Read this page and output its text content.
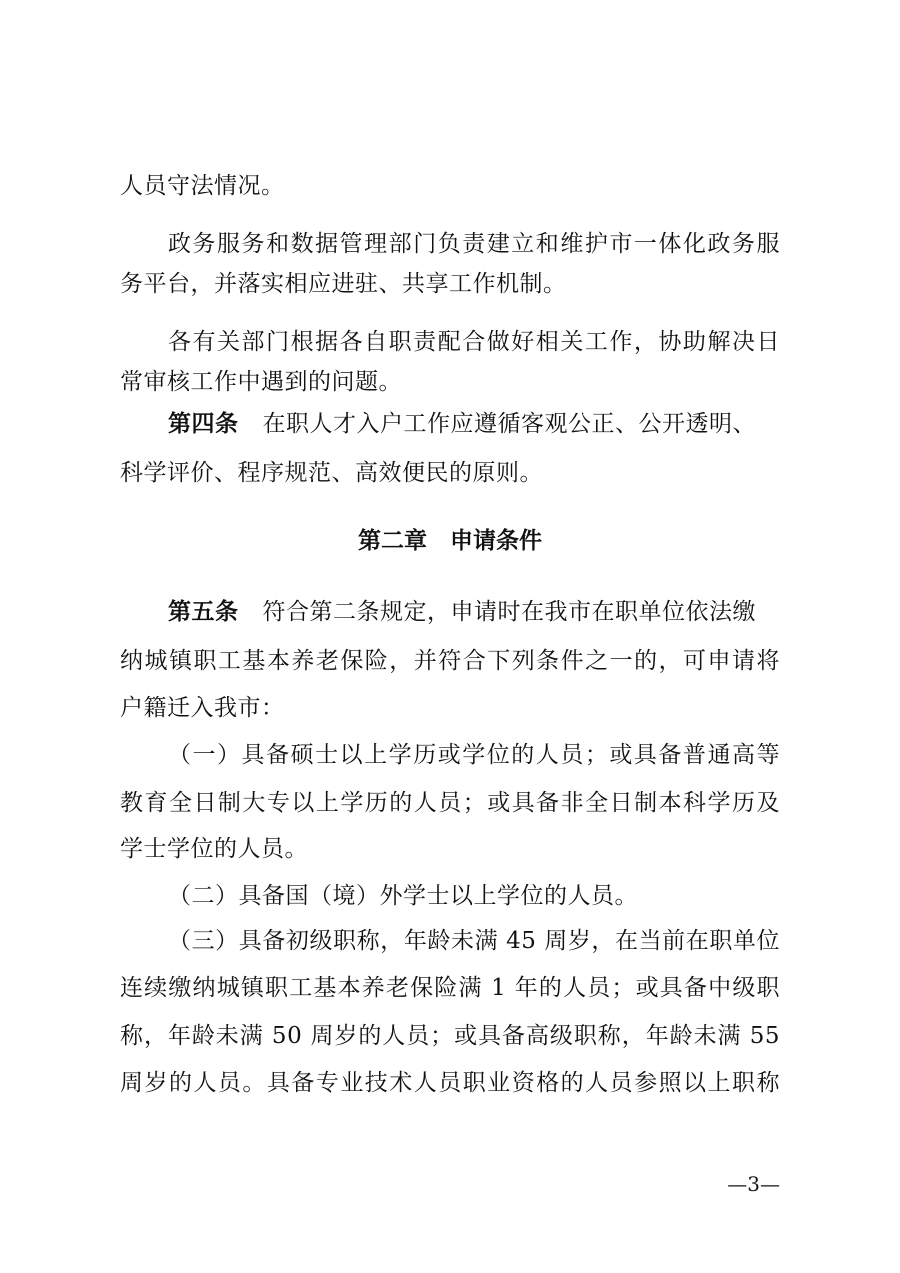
人员守法情况。
政务服务和数据管理部门负责建立和维护市一体化政务服
务平台，并落实相应进驻、共享工作机制。
各有关部门根据各自职责配合做好相关工作，协助解决日
常审核工作中遇到的问题。
第四条 在职人才入户工作应遵循客观公正、公开透明、
科学评价、程序规范、高效便民的原则。
第二章　申请条件
第五条 符合第二条规定，申请时在我市在职单位依法缴
纳城镇职工基本养老保险，并符合下列条件之一的，可申请将
户籍迁入我市：
（一）具备硕士以上学历或学位的人员；或具备普通高等
教育全日制大专以上学历的人员；或具备非全日制本科学历及
学士学位的人员。
（二）具备国（境）外学士以上学位的人员。
（三）具备初级职称，年龄未满 45 周岁，在当前在职单位
连续缴纳城镇职工基本养老保险满 1 年的人员；或具备中级职
称，年龄未满 50 周岁的人员；或具备高级职称，年龄未满 55
周岁的人员。具备专业技术人员职业资格的人员参照以上职称
—3—
